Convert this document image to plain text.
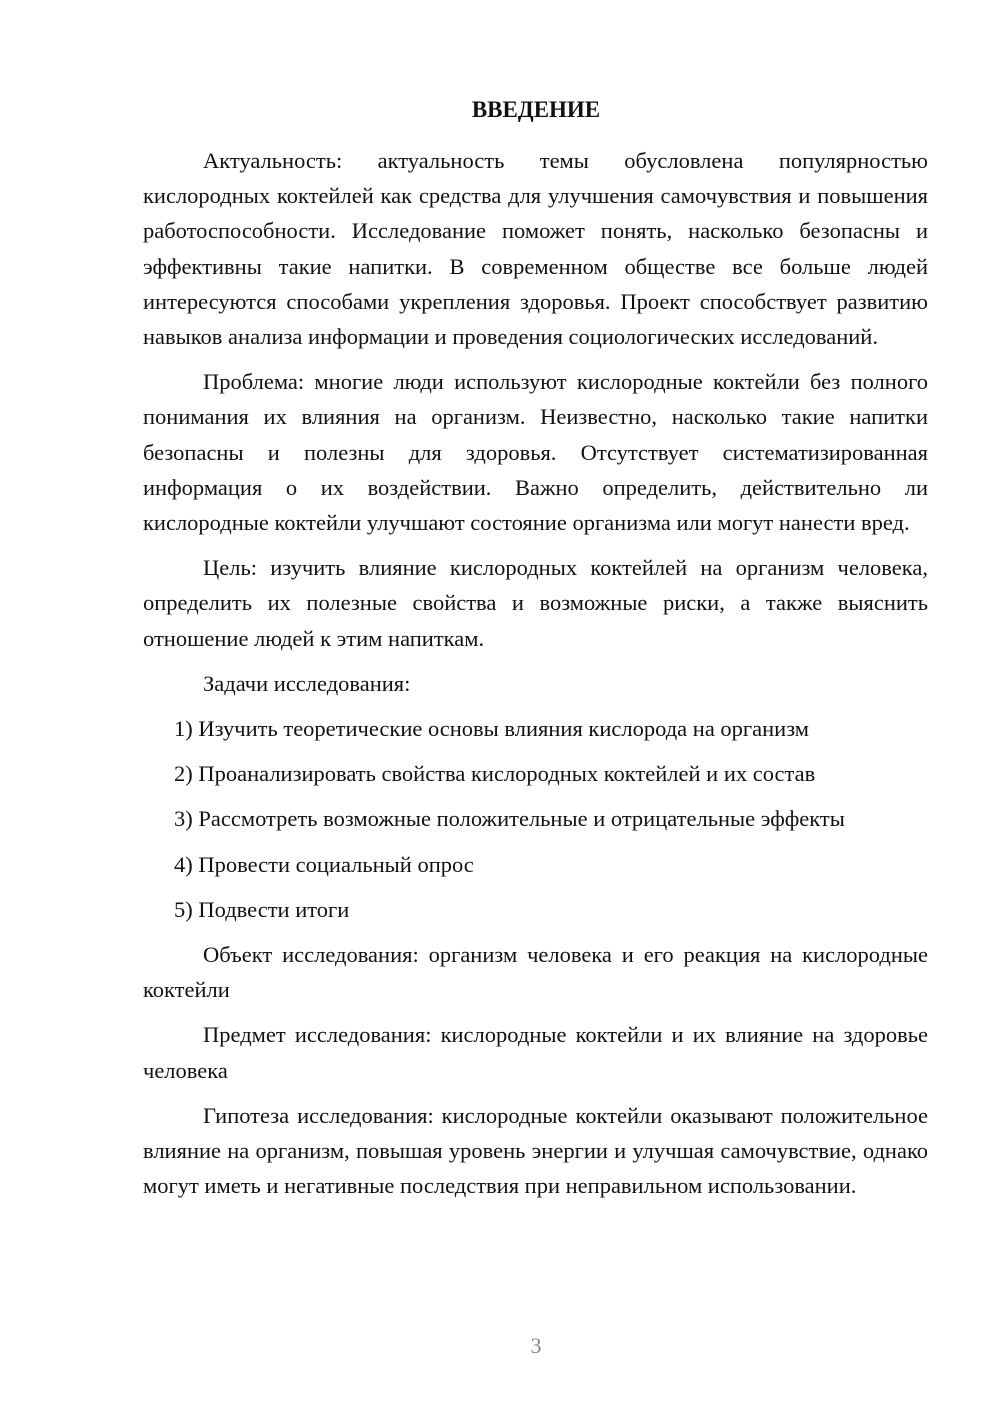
ВВЕДЕНИЕ

Актуальность: актуальность темы обусловлена популярностью кислородных коктейлей как средства для улучшения самочувствия и повышения работоспособности. Исследование поможет понять, насколько безопасны и эффективны такие напитки. В современном обществе все больше людей интересуются способами укрепления здоровья. Проект способствует развитию навыков анализа информации и проведения социологических исследований.

Проблема: многие люди используют кислородные коктейли без полного понимания их влияния на организм. Неизвестно, насколько такие напитки безопасны и полезны для здоровья. Отсутствует систематизированная информация о их воздействии. Важно определить, действительно ли кислородные коктейли улучшают состояние организма или могут нанести вред.

Цель: изучить влияние кислородных коктейлей на организм человека, определить их полезные свойства и возможные риски, а также выяснить отношение людей к этим напиткам.

Задачи исследования:

1) Изучить теоретические основы влияния кислорода на организм

2) Проанализировать свойства кислородных коктейлей и их состав

3) Рассмотреть возможные положительные и отрицательные эффекты

4) Провести социальный опрос

5) Подвести итоги

Объект исследования: организм человека и его реакция на кислородные коктейли

Предмет исследования: кислородные коктейли и их влияние на здоровье человека

Гипотеза исследования: кислородные коктейли оказывают положительное влияние на организм, повышая уровень энергии и улучшая самочувствие, однако могут иметь и негативные последствия при неправильном использовании.

3
